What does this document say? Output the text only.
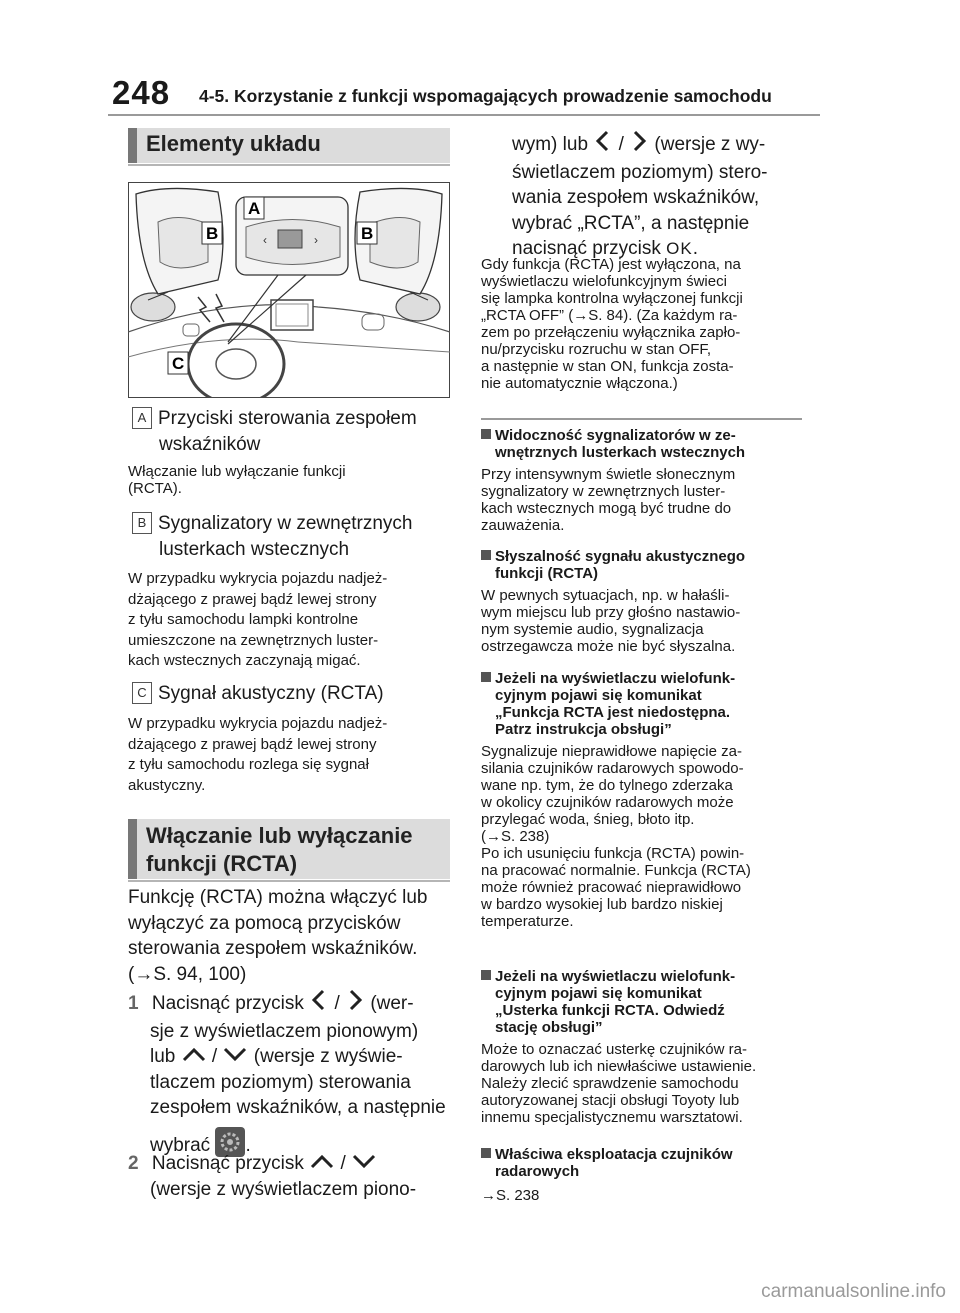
248 4-5. Korzystanie z funkcji wspomagających prowadzenie samochodu
Elementy układu
‹	›
A
B	B
C
A Przyciski sterowania zespołem
wskaźników
Włączanie lub wyłączanie funkcji
(RCTA).
B Sygnalizatory w zewnętrznych
lusterkach wstecznych
W przypadku wykrycia pojazdu nadjeż-
dżającego z prawej bądź lewej strony
z tyłu samochodu lampki kontrolne
umieszczone na zewnętrznych luster-
kach wstecznych zaczynają migać.
C Sygnał akustyczny (RCTA)
W przypadku wykrycia pojazdu nadjeż-
dżającego z prawej bądź lewej strony
z tyłu samochodu rozlega się sygnał
akustyczny.
Włączanie lub wyłączanie
funkcji (RCTA)
Funkcję (RCTA) można włączyć lub
wyłączyć za pomocą przycisków
sterowania zespołem wskaźników.
(→S. 94, 100)
1 Nacisnąć przycisk / (wer-
sje z wyświetlaczem pionowym)
lub / (wersje z wyświe-
tlaczem poziomym) sterowania
zespołem wskaźników, a następnie
wybrać .
2 Nacisnąć przycisk /
(wersje z wyświetlaczem piono-
wym) lub / (wersje z wy-
świetlaczem poziomym) stero-
wania zespołem wskaźników,
wybrać „RCTA”, a następnie
nacisnąć przycisk OK.
Gdy funkcja (RCTA) jest wyłączona, na
wyświetlaczu wielofunkcyjnym świeci
się lampka kontrolna wyłączonej funkcji
„RCTA OFF” (→S. 84). (Za każdym ra-
zem po przełączeniu wyłącznika zapło-
nu/przycisku rozruchu w stan OFF,
a następnie w stan ON, funkcja zosta-
nie automatycznie włączona.)
Widoczność sygnalizatorów w ze-
wnętrznych lusterkach wstecznych
Przy intensywnym świetle słonecznym
sygnalizatory w zewnętrznych luster-
kach wstecznych mogą być trudne do
zauważenia.
Słyszalność sygnału akustycznego
funkcji (RCTA)
W pewnych sytuacjach, np. w hałaśli-
wym miejscu lub przy głośno nastawio-
nym systemie audio, sygnalizacja
ostrzegawcza może nie być słyszalna.
Jeżeli na wyświetlaczu wielofunk-
cyjnym pojawi się komunikat
„Funkcja RCTA jest niedostępna.
Patrz instrukcja obsługi”
Sygnalizuje nieprawidłowe napięcie za-
silania czujników radarowych spowodo-
wane np. tym, że do tylnego zderzaka
w okolicy czujników radarowych może
przylegać woda, śnieg, błoto itp.
(→S. 238)
Po ich usunięciu funkcja (RCTA) powin-
na pracować normalnie. Funkcja (RCTA)
może również pracować nieprawidłowo
w bardzo wysokiej lub bardzo niskiej
temperaturze.
Jeżeli na wyświetlaczu wielofunk-
cyjnym pojawi się komunikat
„Usterka funkcji RCTA. Odwiedź
stację obsługi”
Może to oznaczać usterkę czujników ra-
darowych lub ich niewłaściwe ustawienie.
Należy zlecić sprawdzenie samochodu
autoryzowanej stacji obsługi Toyoty lub
innemu specjalistycznemu warsztatowi.
Właściwa eksploatacja czujników
radarowych
→S. 238
carmanualsonline.info
